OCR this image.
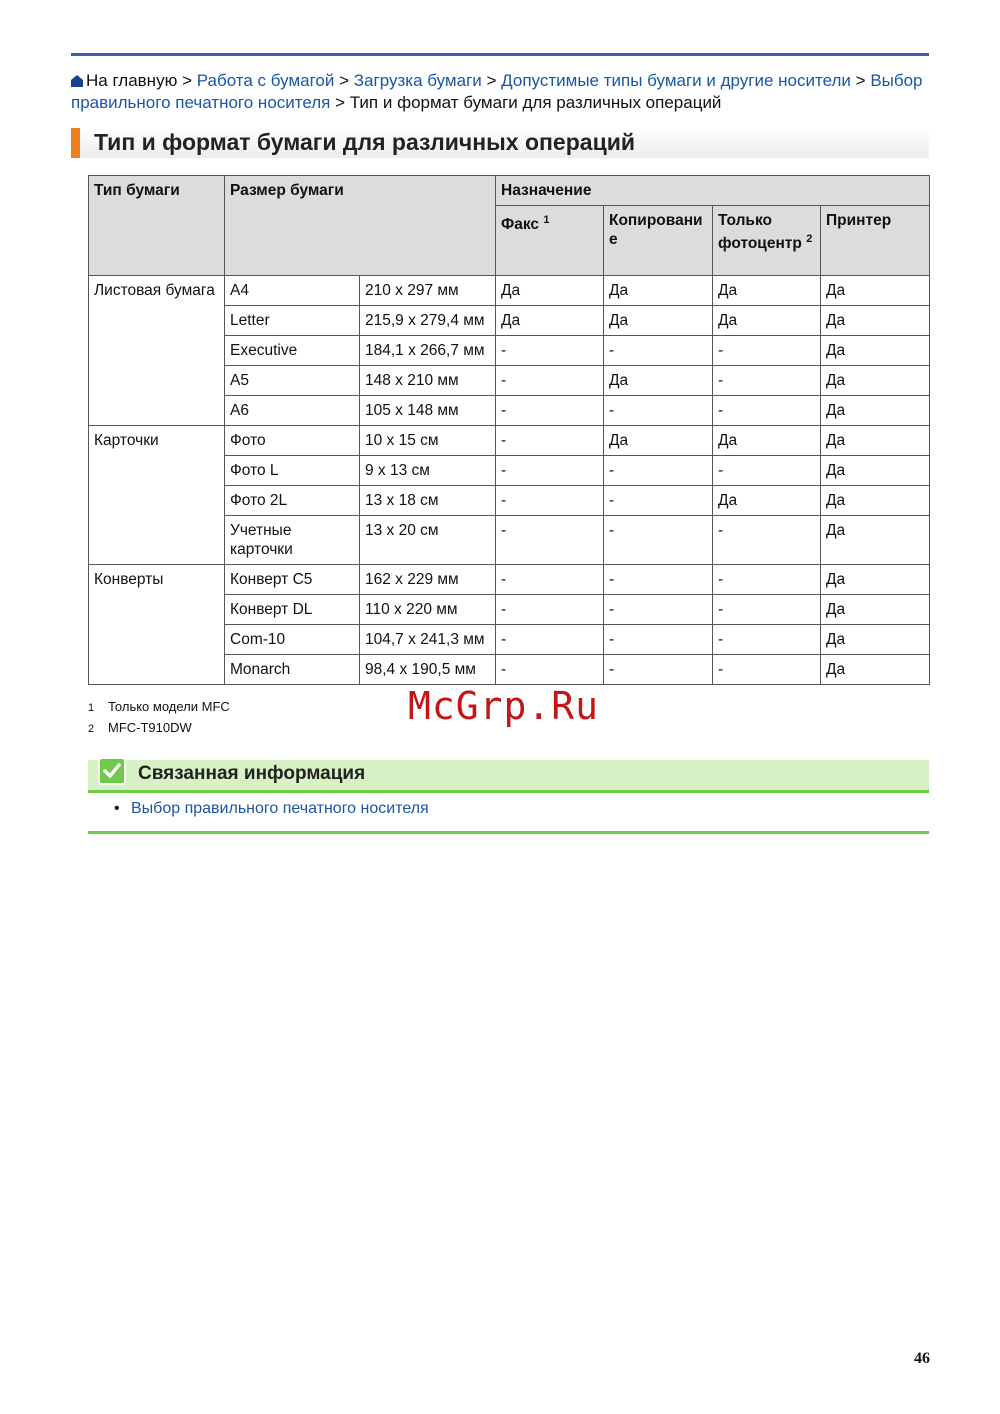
На главную > Работа с бумагой > Загрузка бумаги > Допустимые типы бумаги и другие носители > Выбор правильного печатного носителя > Тип и формат бумаги для различных операций
Тип и формат бумаги для различных операций
Тип бумаги	Размер бумаги		Назначение			
			Факс $^1$	Копировани е	Только фотоцентр $^2$	Принтер
Листовая бумага	A4	210 x 297 мм	Да	Да	Да	Да
	Letter	215,9 x 279,4 мм	Да	Да	Да	Да
	Executive	184,1 x 266,7 мм	-	-	-	Да
	A5	148 x 210 мм	-	Да	-	Да
	A6	105 x 148 мм	-	-	-	Да
Карточки	Фото	10 x 15 см	-	Да	Да	Да
	Фото L	9 x 13 см	-	-	-	Да
	Фото 2L	13 x 18 см	-	-	Да	Да
	Учетные карточки	13 x 20 см	-	-	-	Да
Конверты	Конверт C5	162 x 229 мм	-	-	-	Да
	Конверт DL	110 x 220 мм	-	-	-	Да
	Com-10	104,7 x 241,3 мм	-	-	-	Да
	Monarch	98,4 x 190,5 мм	-	-	-	Да
1 Только модели MFC
2 MFC-T910DW	McGrp.Ru
Связанная информация
• Выбор правильного печатного носителя
46
